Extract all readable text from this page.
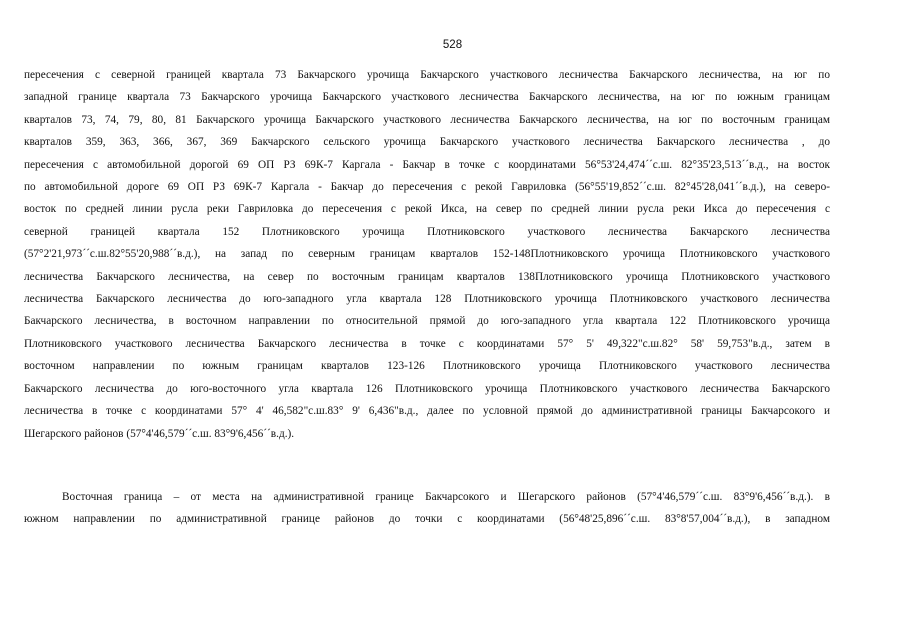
528

пересечения с северной границей квартала 73 Бакчарского урочища Бакчарского участкового лесничества Бакчарского лесничества, на юг по
западной границе квартала 73 Бакчарского урочища Бакчарского участкового лесничества Бакчарского лесничества, на юг по южным границам
кварталов 73, 74, 79, 80, 81 Бакчарского урочища Бакчарского участкового лесничества Бакчарского лесничества, на юг по восточным границам
кварталов 359, 363, 366, 367, 369 Бакчарского сельского урочища Бакчарского участкового лесничества Бакчарского лесничества , до
пересечения с автомобильной дорогой 69 ОП РЗ 69К-7 Каргала - Бакчар в точке с координатами 56°53'24,474´´с.ш. 82°35'23,513´´в.д., на восток
по автомобильной дороге 69 ОП РЗ 69К-7 Каргала - Бакчар до пересечения с рекой Гавриловка (56°55'19,852´´с.ш. 82°45'28,041´´в.д.), на северо-
восток по средней линии русла реки Гавриловка до пересечения с рекой Икса, на север по средней линии русла реки Икса до пересечения с
северной границей квартала 152 Плотниковского урочища Плотниковского участкового лесничества Бакчарского лесничества
(57°2'21,973´´с.ш.82°55'20,988´´в.д.), на запад по северным границам кварталов 152-148Плотниковского урочища Плотниковского участкового
лесничества Бакчарского лесничества, на север по восточным границам кварталов 138Плотниковского урочища Плотниковского участкового
лесничества Бакчарского лесничества до юго-западного угла квартала 128 Плотниковского урочища Плотниковского участкового лесничества
Бакчарского лесничества, в восточном направлении по относительной прямой до юго-западного угла квартала 122 Плотниковского урочища
Плотниковского участкового лесничества Бакчарского лесничества в точке с координатами 57° 5' 49,322"с.ш.82° 58' 59,753"в.д., затем в
восточном направлении по южным границам кварталов 123-126 Плотниковского урочища Плотниковского участкового лесничества
Бакчарского лесничества до юго-восточного угла квартала 126 Плотниковского урочища Плотниковского участкового лесничества Бакчарского
лесничества в точке с координатами 57° 4' 46,582"с.ш.83° 9' 6,436"в.д., далее по условной прямой до административной границы Бакчарсокого и
Шегарского районов (57°4'46,579´´с.ш. 83°9'6,456´´в.д.).

Восточная граница – от места на административной границе Бакчарсокого и Шегарского районов (57°4'46,579´´с.ш. 83°9'6,456´´в.д.). в
южном направлении по административной границе районов до точки с координатами (56°48'25,896´´с.ш. 83°8'57,004´´в.д.), в западном
